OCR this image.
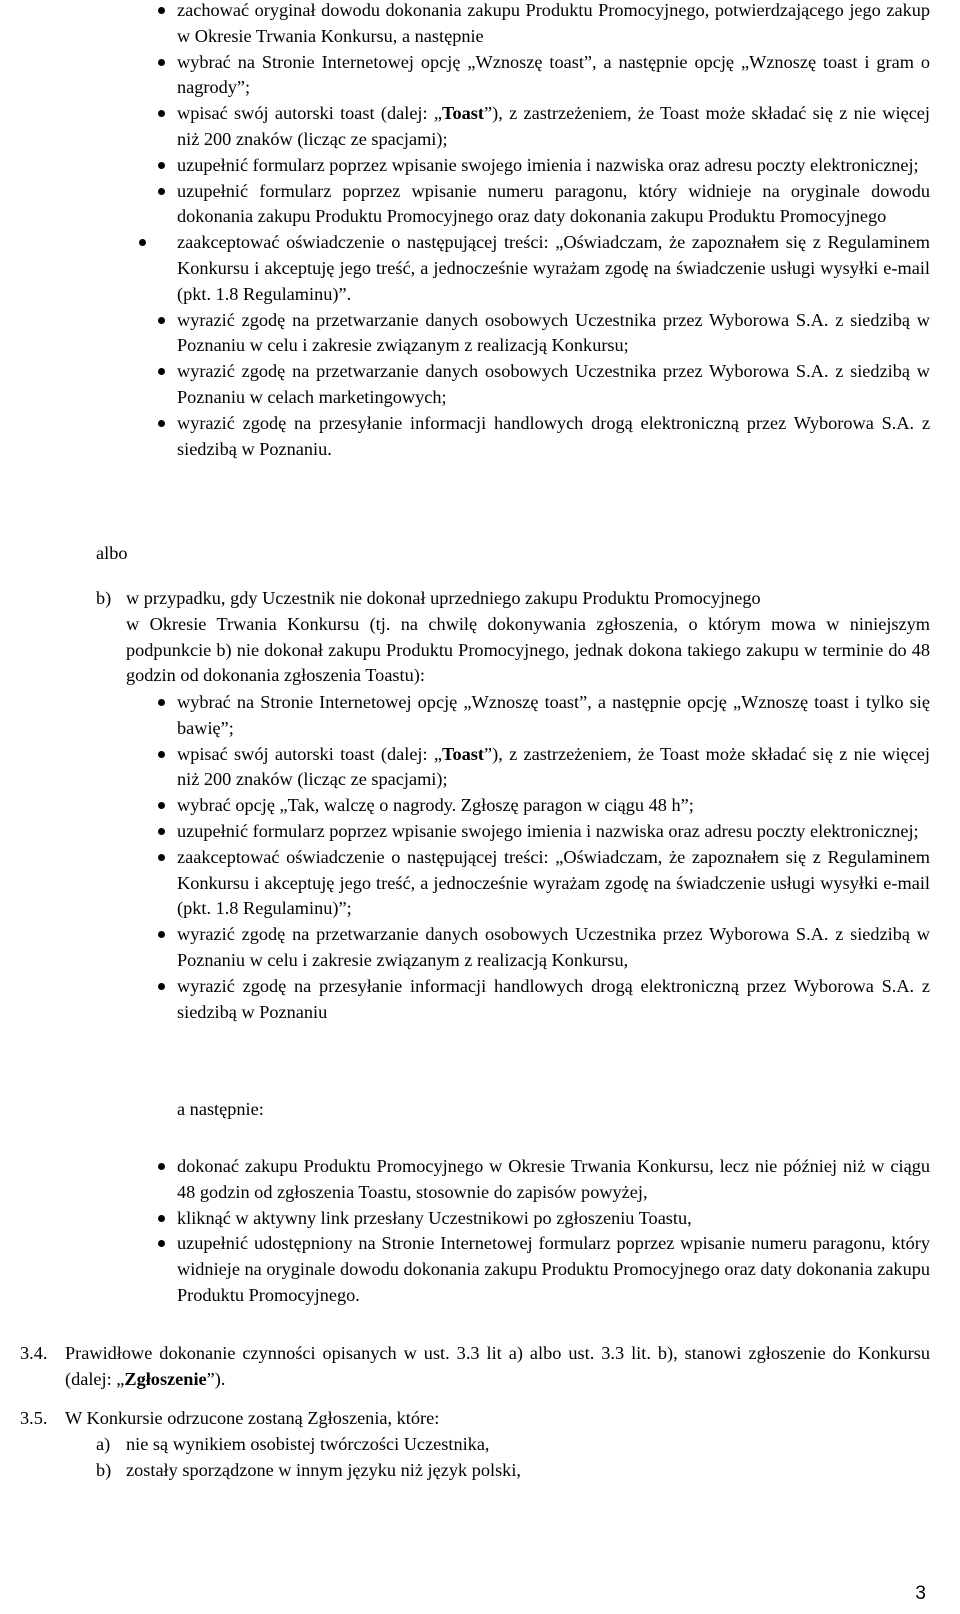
zachować oryginał dowodu dokonania zakupu Produktu Promocyjnego, potwierdzającego jego zakup w Okresie Trwania Konkursu, a następnie
wybrać na Stronie Internetowej opcję „Wznoszę toast”, a następnie opcję „Wznoszę toast i gram o nagrody”;
wpisać swój autorski toast (dalej: „Toast”), z zastrzeżeniem, że Toast może składać się z nie więcej niż 200 znaków (licząc ze spacjami);
uzupełnić formularz poprzez wpisanie swojego imienia i nazwiska oraz adresu poczty elektronicznej;
uzupełnić formularz poprzez wpisanie numeru paragonu, który widnieje na oryginale dowodu dokonania zakupu Produktu Promocyjnego oraz daty dokonania zakupu Produktu Promocyjnego
zaakceptować oświadczenie o następującej treści: „Oświadczam, że zapoznałem się z Regulaminem Konkursu i akceptuję jego treść, a jednocześnie wyrażam zgodę na świadczenie usługi wysyłki e-mail (pkt. 1.8 Regulaminu)”.
wyrazić zgodę na przetwarzanie danych osobowych Uczestnika przez Wyborowa S.A. z siedzibą w Poznaniu w celu i zakresie związanym z realizacją Konkursu;
wyrazić zgodę na przetwarzanie danych osobowych Uczestnika przez Wyborowa S.A. z siedzibą w Poznaniu w celach marketingowych;
wyrazić zgodę na przesyłanie informacji handlowych drogą elektroniczną przez Wyborowa S.A. z siedzibą w Poznaniu.
albo
b) w przypadku, gdy Uczestnik nie dokonał uprzedniego zakupu Produktu Promocyjnego
w Okresie Trwania Konkursu (tj. na chwilę dokonywania zgłoszenia, o którym mowa w niniejszym podpunkcie b) nie dokonał zakupu Produktu Promocyjnego, jednak dokona takiego zakupu w terminie do 48 godzin od dokonania zgłoszenia Toastu):
wybrać na Stronie Internetowej opcję „Wznoszę toast”, a następnie opcję „Wznoszę toast i tylko się bawię”;
wpisać swój autorski toast (dalej: „Toast”), z zastrzeżeniem, że Toast może składać się z nie więcej niż 200 znaków (licząc ze spacjami);
wybrać opcję „Tak, walczę o nagrody. Zgłoszę paragon w ciągu 48 h”;
uzupełnić formularz poprzez wpisanie swojego imienia i nazwiska oraz adresu poczty elektronicznej;
zaakceptować oświadczenie o następującej treści: „Oświadczam, że zapoznałem się z Regulaminem Konkursu i akceptuję jego treść, a jednocześnie wyrażam zgodę na świadczenie usługi wysyłki e-mail (pkt. 1.8 Regulaminu)”;
wyrazić zgodę na przetwarzanie danych osobowych Uczestnika przez Wyborowa S.A. z siedzibą w Poznaniu w celu i zakresie związanym z realizacją Konkursu,
wyrazić zgodę na przesyłanie informacji handlowych drogą elektroniczną przez Wyborowa S.A. z siedzibą w Poznaniu
a następnie:
dokonać zakupu Produktu Promocyjnego w Okresie Trwania Konkursu, lecz nie później niż w ciągu 48 godzin od zgłoszenia Toastu, stosownie do zapisów powyżej,
kliknąć w aktywny link przesłany Uczestnikowi po zgłoszeniu Toastu,
uzupełnić udostępniony na Stronie Internetowej formularz poprzez wpisanie numeru paragonu, który widnieje na oryginale dowodu dokonania zakupu Produktu Promocyjnego oraz daty dokonania zakupu Produktu Promocyjnego.
3.4. Prawidłowe dokonanie czynności opisanych w ust. 3.3 lit a) albo ust. 3.3 lit. b), stanowi zgłoszenie do Konkursu (dalej: „Zgłoszenie”).
3.5. W Konkursie odrzucone zostaną Zgłoszenia, które:
a) nie są wynikiem osobistej twórczości Uczestnika,
b) zostały sporządzone w innym języku niż język polski,
3
